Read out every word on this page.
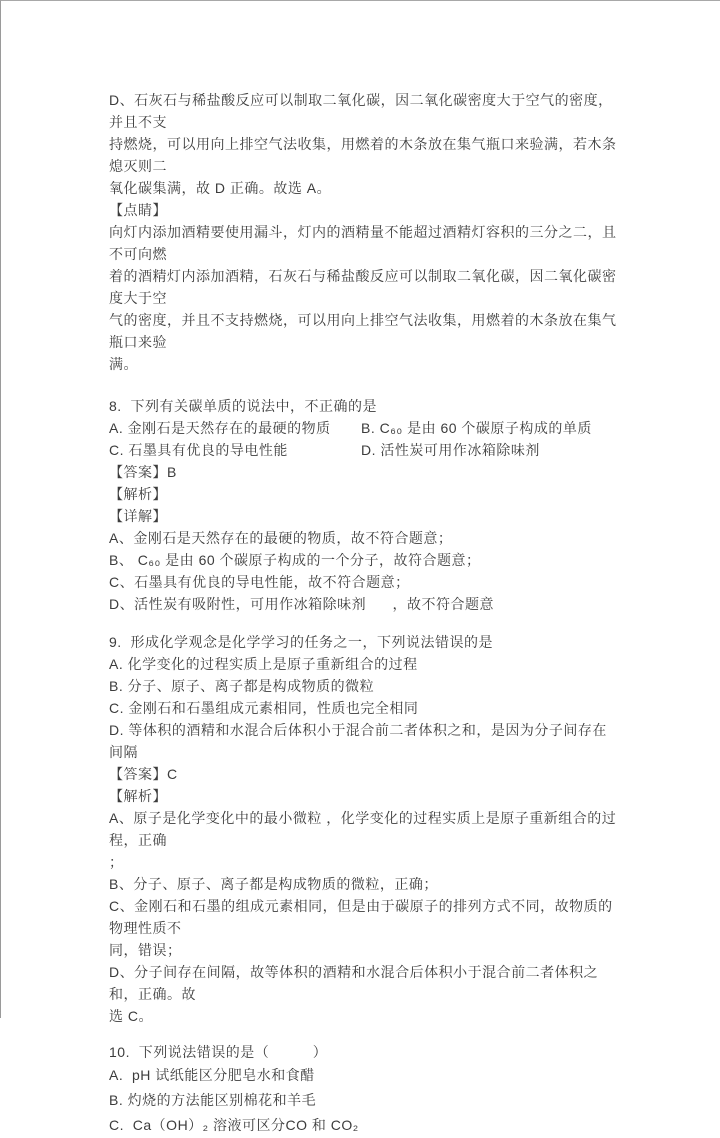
D、石灰石与稀盐酸反应可以制取二氧化碳，因二氧化碳密度大于空气的密度，并且不支
持燃烧，可以用向上排空气法收集，用燃着的木条放在集气瓶口来验满，若木条熄灭则二
氧化碳集满，故 D 正确。故选 A。
【点睛】
向灯内添加酒精要使用漏斗，灯内的酒精量不能超过酒精灯容积的三分之二，且不可向燃
着的酒精灯内添加酒精，石灰石与稀盐酸反应可以制取二氧化碳，因二氧化碳密度大于空
气的密度，并且不支持燃烧，可以用向上排空气法收集，用燃着的木条放在集气瓶口来验
满。
8.  下列有关碳单质的说法中，不正确的是
A. 金刚石是天然存在的最硬的物质	B. C₆₀ 是由 60 个碳原子构成的单质
C. 石墨具有优良的导电性能	D. 活性炭可用作冰箱除味剂
【答案】B
【解析】
【详解】
A、金刚石是天然存在的最硬的物质，故不符合题意；
B、 C₆₀ 是由 60 个碳原子构成的一个分子，故符合题意；
C、石墨具有优良的导电性能，故不符合题意；
D、活性炭有吸附性，可用作冰箱除味剂      ，故不符合题意
9.  形成化学观念是化学学习的任务之一，下列说法错误的是
A. 化学变化的过程实质上是原子重新组合的过程
B. 分子、原子、离子都是构成物质的微粒
C. 金刚石和石墨组成元素相同，性质也完全相同
D. 等体积的酒精和水混合后体积小于混合前二者体积之和，是因为分子间存在间隔
【答案】C
【解析】
A、原子是化学变化中的最小微粒 ，化学变化的过程实质上是原子重新组合的过程，正确
；
B、分子、原子、离子都是构成物质的微粒，正确；
C、金刚石和石墨的组成元素相同，但是由于碳原子的排列方式不同，故物质的物理性质不
同，错误；
D、分子间存在间隔，故等体积的酒精和水混合后体积小于混合前二者体积之和，正确。故
选 C。
10.  下列说法错误的是（　　　）
A.  pH 试纸能区分肥皂水和食醋
B. 灼烧的方法能区别棉花和羊毛
C.  Ca（OH）₂ 溶液可区分CO 和 CO₂
